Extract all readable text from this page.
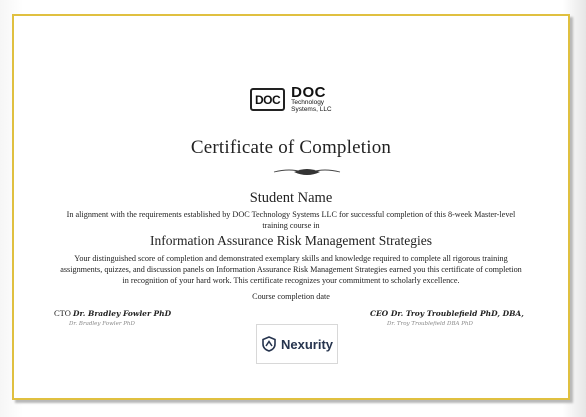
DOC DOC
Technology
Systems, LLC
Certificate of Completion
Student Name
In alignment with the requirements established by DOC Technology Systems LLC for successful completion of this 8-week Master-level training course in
Information Assurance Risk Management Strategies
Your distinguished score of completion and demonstrated exemplary skills and knowledge required to complete all rigorous training assignments, quizzes, and discussion panels on Information Assurance Risk Management Strategies earned you this certificate of completion in recognition of your hard work. This certificate recognizes your commitment to scholarly excellence.
Course completion date
CTO Dr. Bradley Fowler PhD
Dr. Bradley Fowler PhD
CEO Dr. Troy Troublefield PhD, DBA,
Dr. Troy Troublefield DBA PhD
Nexurity
